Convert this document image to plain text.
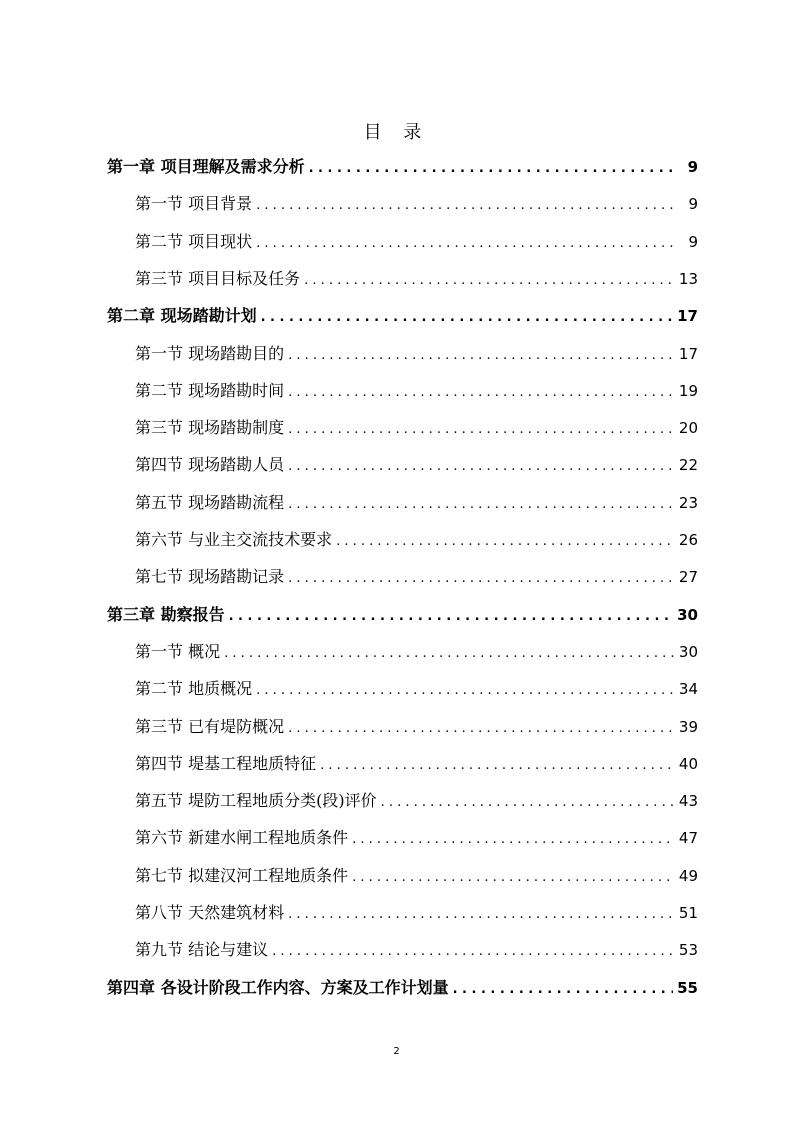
目 录
第一章 项目理解及需求分析 . . .	9
第一节 项目背景 . . .	9
第二节 项目现状 . . .	9
第三节 项目目标及任务 . . .	13
第二章 现场踏勘计划 . . .	17
第一节 现场踏勘目的 . . .	17
第二节 现场踏勘时间 . . .	19
第三节 现场踏勘制度 . . .	20
第四节 现场踏勘人员 . . .	22
第五节 现场踏勘流程 . . .	23
第六节 与业主交流技术要求 . . .	26
第七节 现场踏勘记录 . . .	27
第三章 勘察报告 . . .	30
第一节 概况 . . .	30
第二节 地质概况 . . .	34
第三节 已有堤防概况 . . .	39
第四节 堤基工程地质特征 . . .	40
第五节 堤防工程地质分类(段)评价 . . .	43
第六节 新建水闸工程地质条件 . . .	47
第七节 拟建汉河工程地质条件 . . .	49
第八节 天然建筑材料 . . .	51
第九节 结论与建议 . . .	53
第四章 各设计阶段工作内容、方案及工作计划量 . . .	55
2
